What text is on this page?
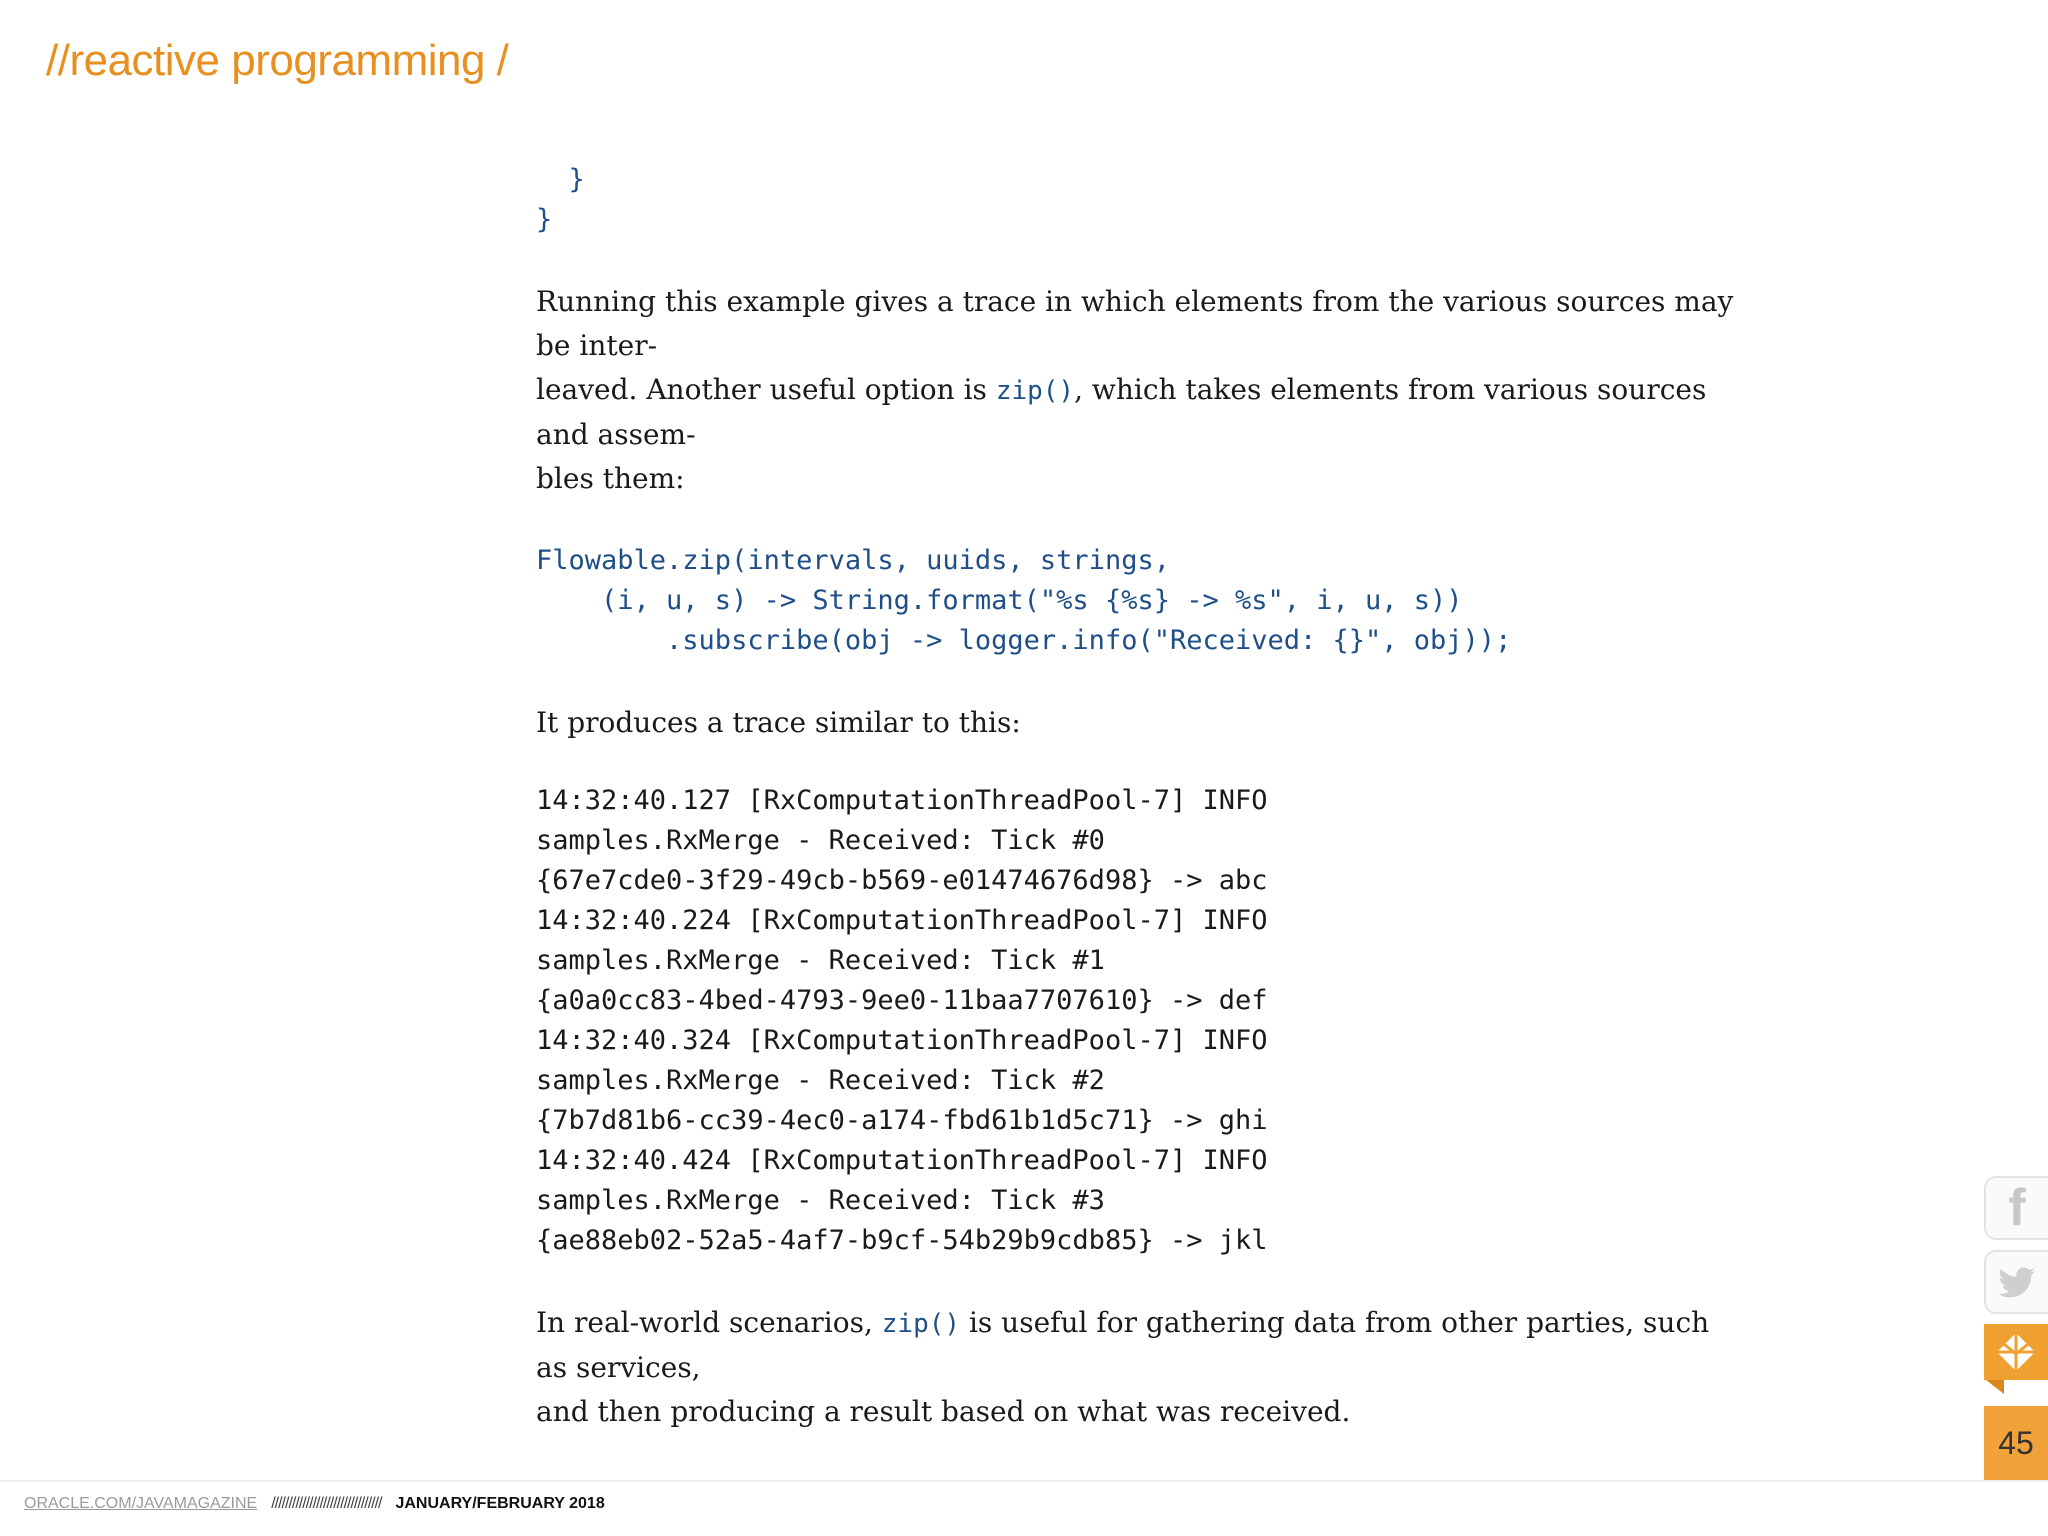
//reactive programming /
}
}

Running this example gives a trace in which elements from the various sources may be inter-
leaved. Another useful option is zip(), which takes elements from various sources and assem-
bles them:

Flowable.zip(intervals, uuids, strings,
(i, u, s) -> String.format("%s {%s} -> %s", i, u, s))
.subscribe(obj -> logger.info("Received: {}", obj));

It produces a trace similar to this:

14:32:40.127 [RxComputationThreadPool-7] INFO
samples.RxMerge - Received: Tick #0
{67e7cde0-3f29-49cb-b569-e01474676d98} -> abc
14:32:40.224 [RxComputationThreadPool-7] INFO
samples.RxMerge - Received: Tick #1
{a0a0cc83-4bed-4793-9ee0-11baa7707610} -> def
14:32:40.324 [RxComputationThreadPool-7] INFO
samples.RxMerge - Received: Tick #2
{7b7d81b6-cc39-4ec0-a174-fbd61b1d5c71} -> ghi
14:32:40.424 [RxComputationThreadPool-7] INFO
samples.RxMerge - Received: Tick #3
{ae88eb02-52a5-4af7-b9cf-54b29b9cdb85} -> jkl

In real-world scenarios, zip() is useful for gathering data from other parties, such as services,
and then producing a result based on what was received.

f
45
ORACLE.COM/JAVAMAGAZINE //////////////////////////////// JANUARY/FEBRUARY 2018
